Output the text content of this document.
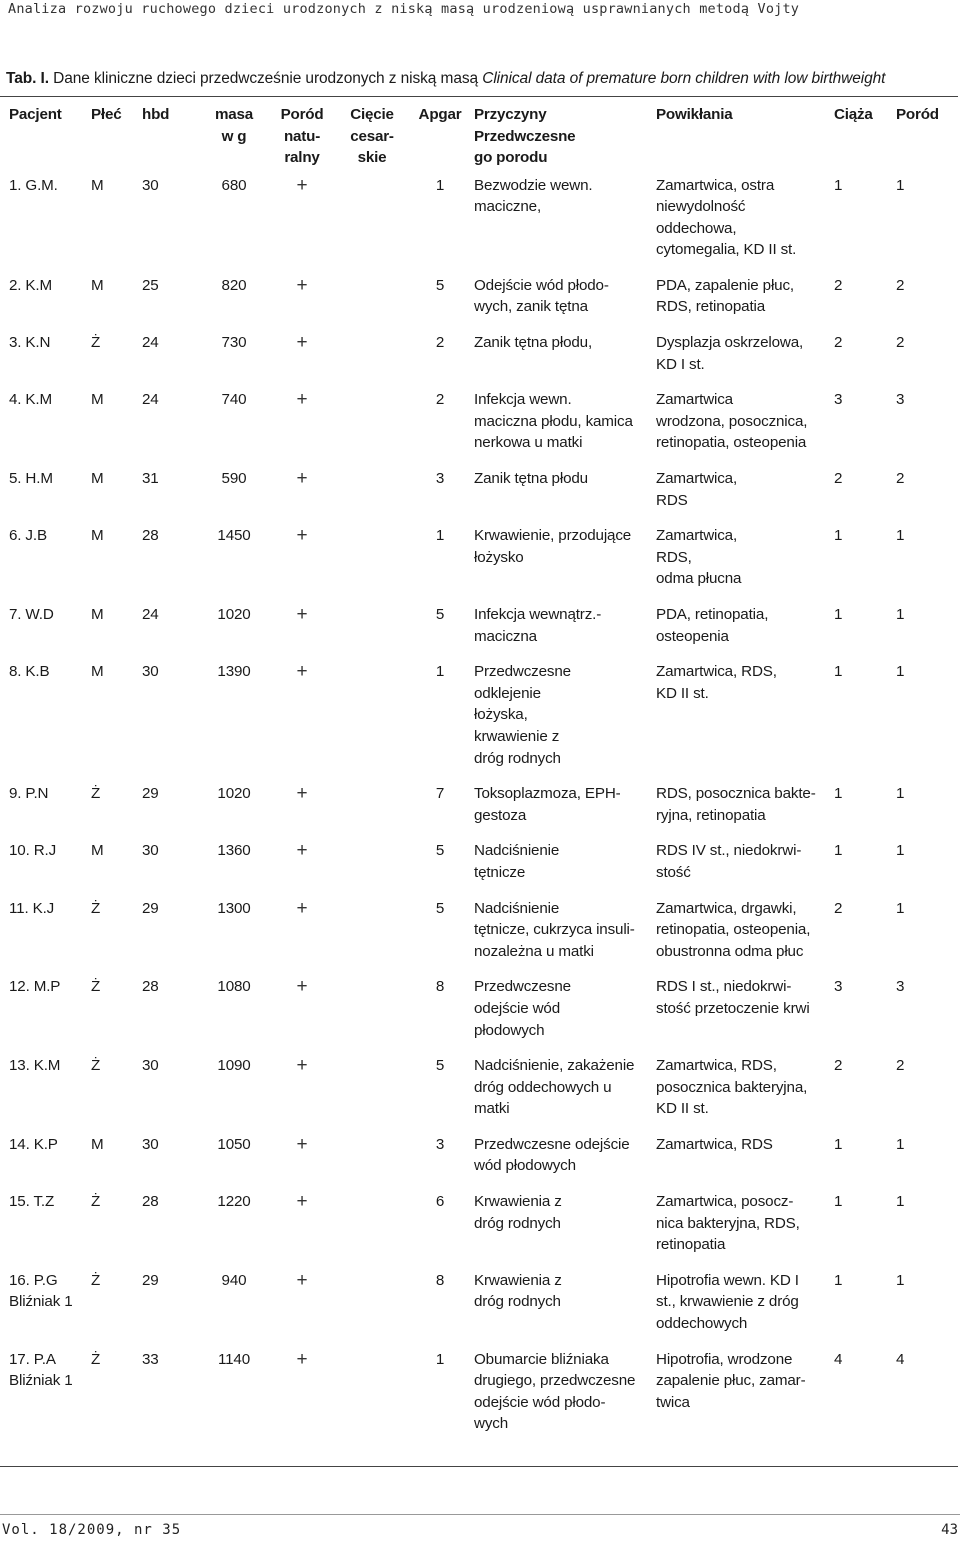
Analiza rozwoju ruchowego dzieci urodzonych z niską masą urodzeniową usprawnianych metodą Vojty
Tab. I. Dane kliniczne dzieci przedwcześnie urodzonych z niską masą Clinical data of premature born children with low birthweight
Pacjent	Płeć	hbd	masa
w g	Poród
natu-
ralny	Cięcie
cesar-
skie	Apgar	Przyczyny
Przedwczesne
go porodu	Powikłania	Ciąża	Poród

1. G.M.	M	30	680	+		1	Bezwodzie wewn.
maciczne,	Zamartwica, ostra
niewydolność
oddechowa,
cytomegalia, KD II st.	1	1

2. K.M	M	25	820	+		5	Odejście wód płodo-
wych, zanik tętna	PDA, zapalenie płuc,
RDS, retinopatia	2	2

3. K.N	Ż	24	730	+		2	Zanik tętna płodu,	Dysplazja oskrzelowa,
KD I st.	2	2

4. K.M	M	24	740	+		2	Infekcja wewn.
maciczna płodu, kamica
nerkowa u matki	Zamartwica
wrodzona, posocznica,
retinopatia, osteopenia	3	3

5. H.M	M	31	590	+		3	Zanik tętna płodu	Zamartwica,
RDS	2	2

6. J.B	M	28	1450	+		1	Krwawienie, przodujące
łożysko	Zamartwica,
RDS,
odma płucna	1	1

7. W.D	M	24	1020	+		5	Infekcja wewnątrz.-
maciczna	PDA, retinopatia,
osteopenia	1	1

8. K.B	M	30	1390	+		1	Przedwczesne
odklejenie
łożyska,
krwawienie z
dróg rodnych	Zamartwica, RDS,
KD II st.	1	1

9. P.N	Ż	29	1020	+		7	Toksoplazmoza, EPH-
gestoza	RDS, posocznica bakte-
ryjna, retinopatia	1	1

10. R.J	M	30	1360	+		5	Nadciśnienie
tętnicze	RDS IV st., niedokrwi-
stość	1	1

11. K.J	Ż	29	1300	+		5	Nadciśnienie
tętnicze, cukrzyca insuli-
nozależna u matki	Zamartwica, drgawki,
retinopatia, osteopenia,
obustronna odma płuc	2	1

12. M.P	Ż	28	1080	+		8	Przedwczesne
odejście wód
płodowych	RDS I st., niedokrwi-
stość przetoczenie krwi	3	3

13. K.M	Ż	30	1090	+		5	Nadciśnienie, zakażenie
dróg oddechowych u
matki	Zamartwica, RDS,
posocznica bakteryjna,
KD II st.	2	2

14. K.P	M	30	1050	+		3	Przedwczesne odejście
wód płodowych	Zamartwica, RDS	1	1

15. T.Z	Ż	28	1220	+		6	Krwawienia z
dróg rodnych	Zamartwica, posocz-
nica bakteryjna, RDS,
retinopatia	1	1

16. P.G
Bliźniak 1	Ż	29	940	+		8	Krwawienia z
dróg rodnych	Hipotrofia wewn. KD I
st., krwawienie z dróg
oddechowych	1	1

17. P.A
Bliźniak 1	Ż	33	1140	+		1	Obumarcie bliźniaka
drugiego, przedwczesne
odejście wód płodo-
wych	Hipotrofia, wrodzone
zapalenie płuc, zamar-
twica	4	4
Vol. 18/2009, nr 35	43
